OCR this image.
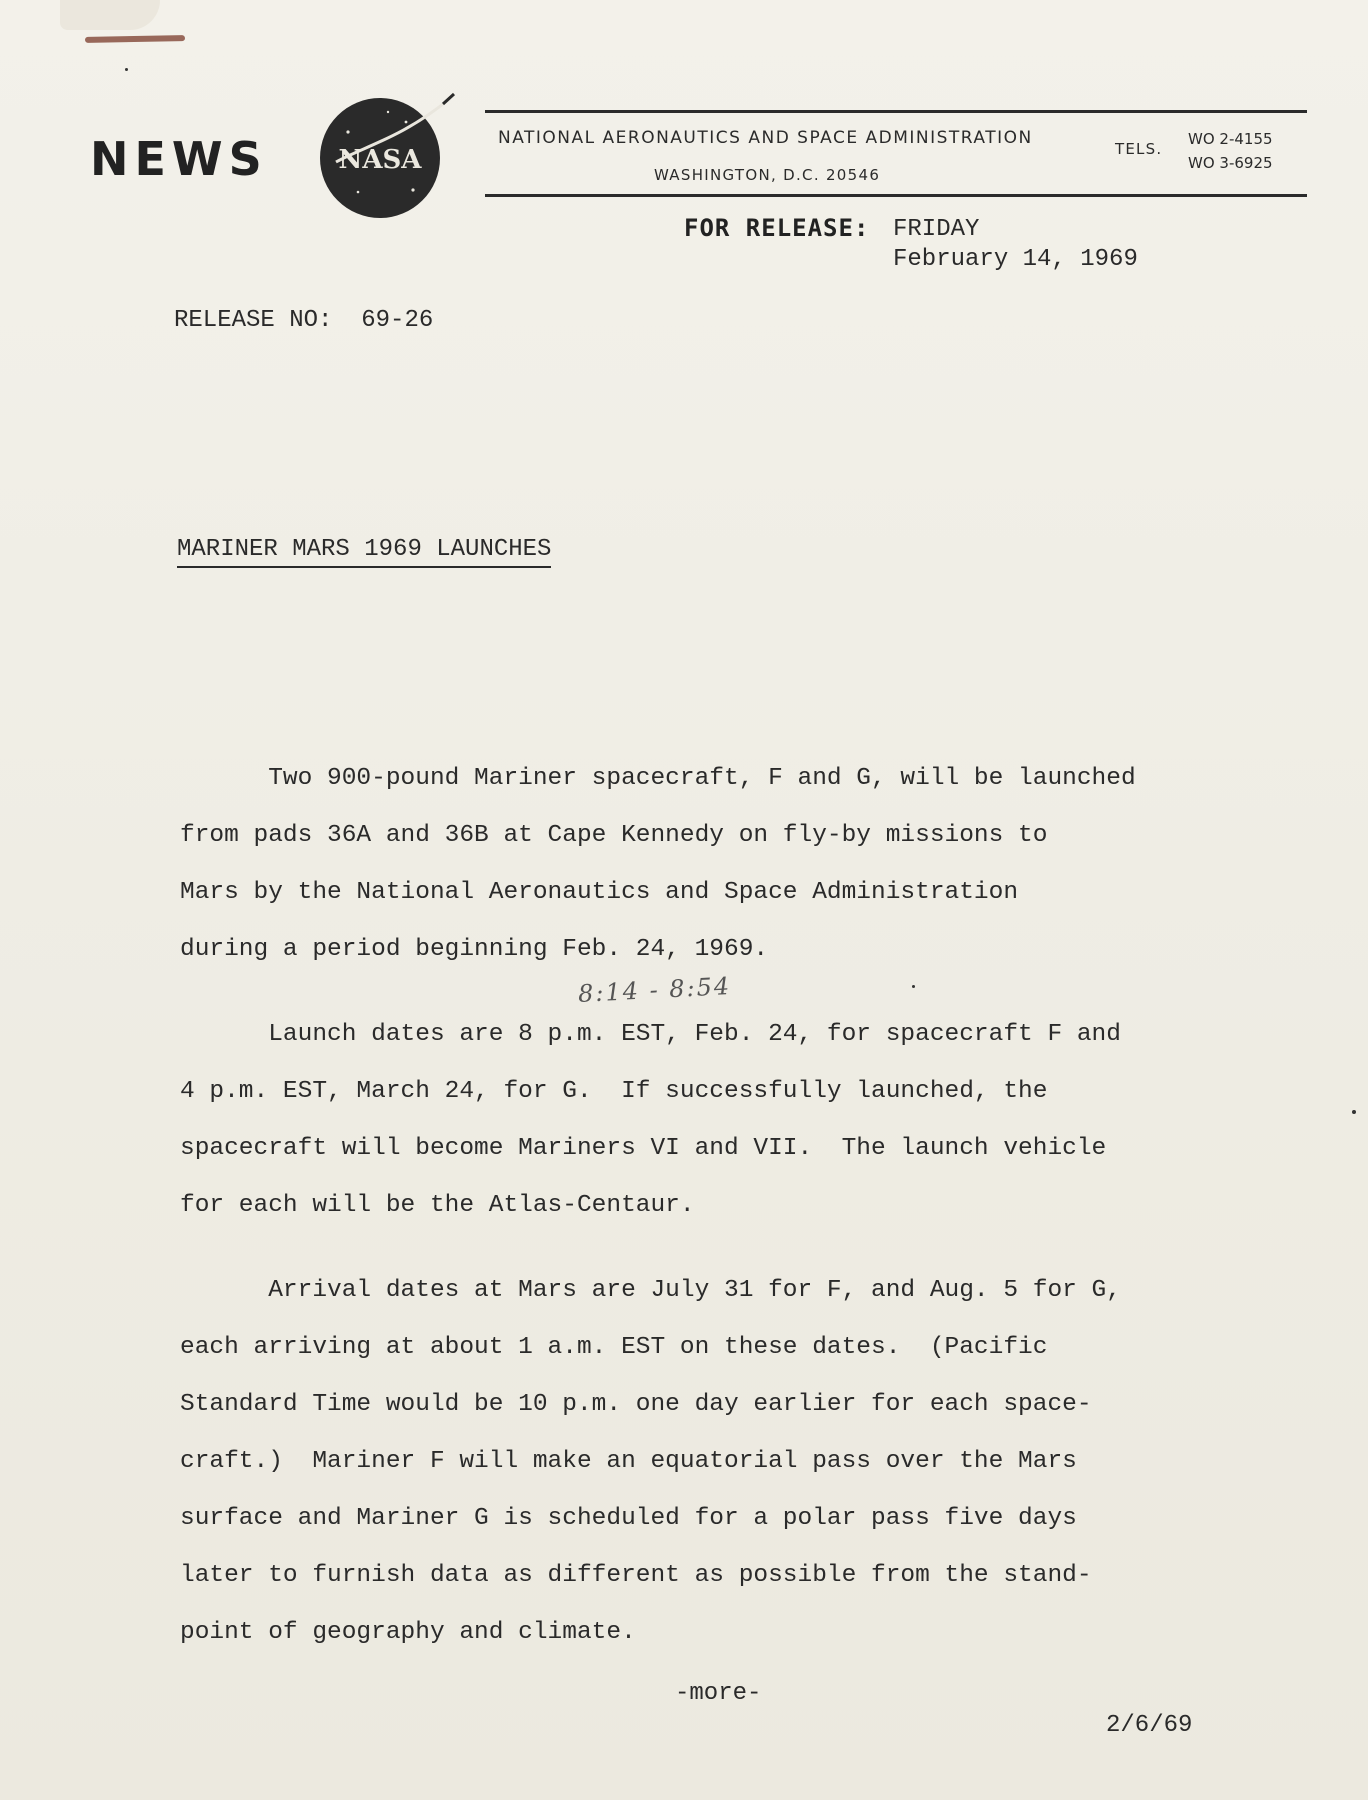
NEWS	NASA
NATIONAL AERONAUTICS AND SPACE ADMINISTRATION
WASHINGTON, D.C. 20546
TELS.
WO 2-4155
WO 3-6925
FOR RELEASE: FRIDAY
February 14, 1969
RELEASE NO:  69-26
MARINER MARS 1969 LAUNCHES

Two 900-pound Mariner spacecraft, F and G, will be launched
from pads 36A and 36B at Cape Kennedy on fly-by missions to
Mars by the National Aeronautics and Space Administration
during a period beginning Feb. 24, 1969.

8:14 - 8:54

Launch dates are 8 p.m. EST, Feb. 24, for spacecraft F and
4 p.m. EST, March 24, for G.  If successfully launched, the
spacecraft will become Mariners VI and VII.  The launch vehicle
for each will be the Atlas-Centaur.

Arrival dates at Mars are July 31 for F, and Aug. 5 for G,
each arriving at about 1 a.m. EST on these dates.  (Pacific
Standard Time would be 10 p.m. one day earlier for each space-
craft.)  Mariner F will make an equatorial pass over the Mars
surface and Mariner G is scheduled for a polar pass five days
later to furnish data as different as possible from the stand-
point of geography and climate.

-more-
2/6/69
